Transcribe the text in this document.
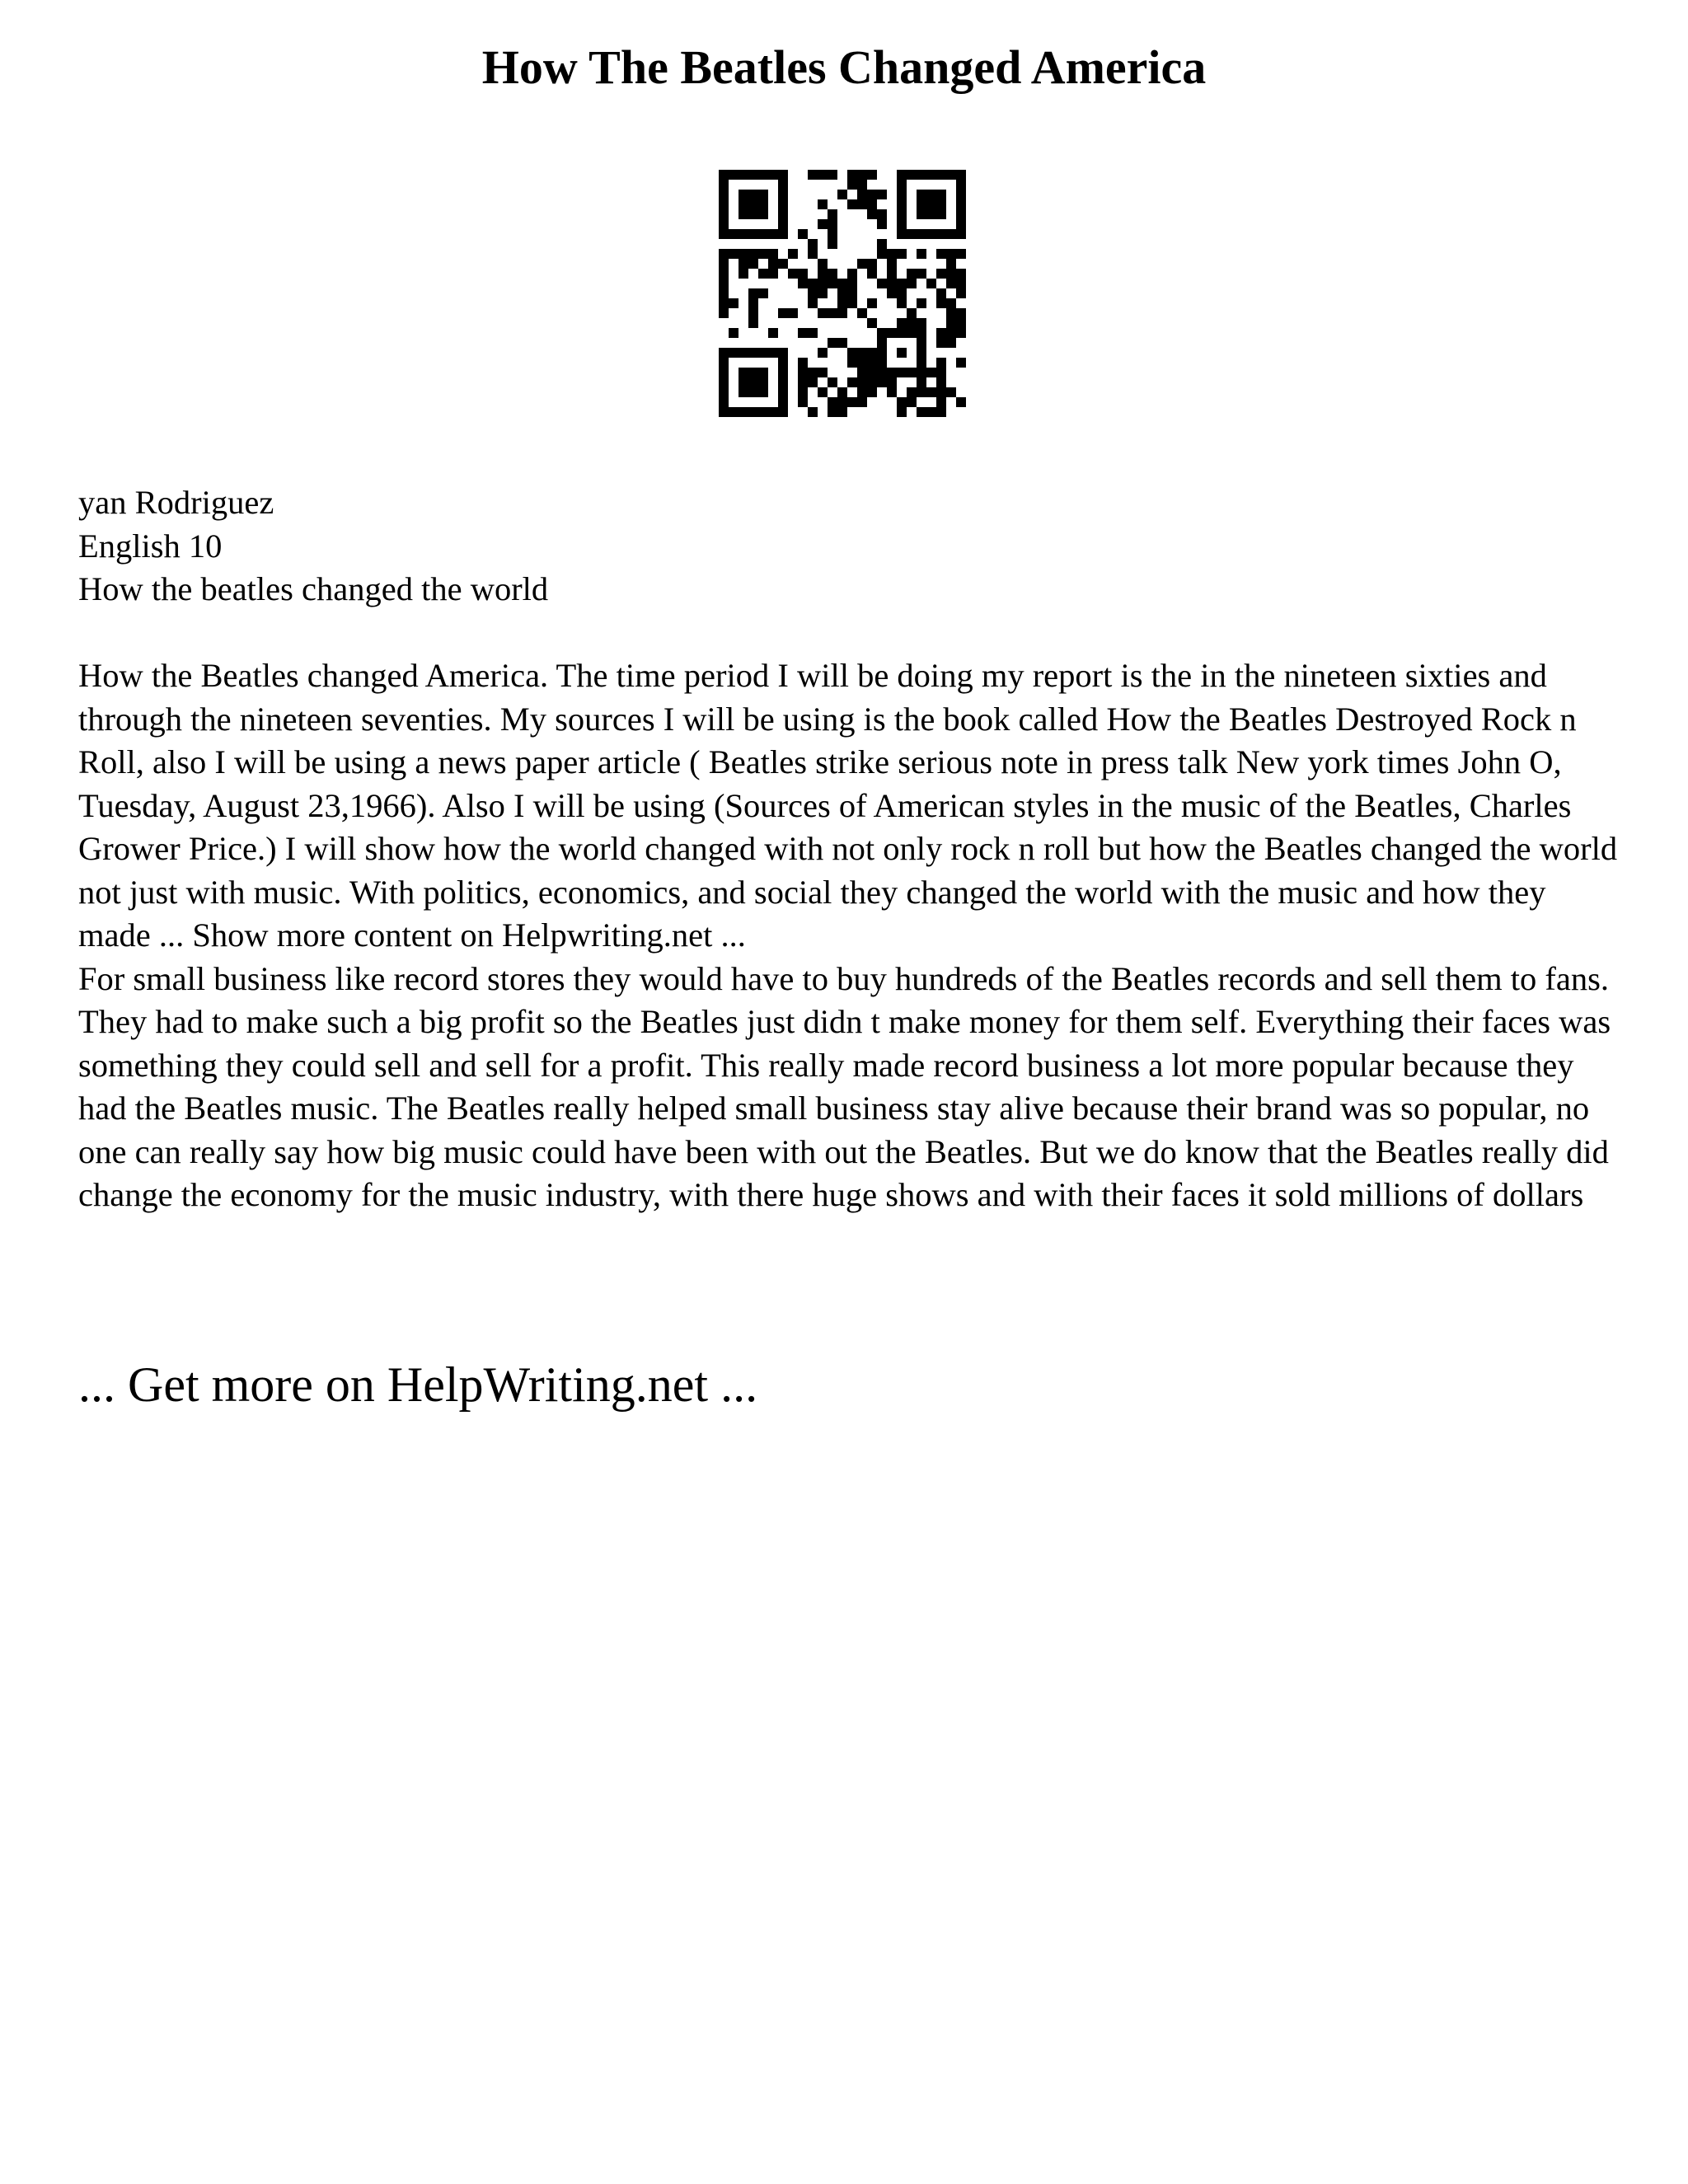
How The Beatles Changed America
yan Rodriguez
English 10
How the beatles changed the world

How the Beatles changed America. The time period I will be doing my report is the in the nineteen sixties and through the nineteen seventies. My sources I will be using is the book called How the Beatles Destroyed Rock n Roll, also I will be using a news paper article ( Beatles strike serious note in press talk New york times John O, Tuesday, August 23,1966). Also I will be using (Sources of American styles in the music of the Beatles, Charles Grower Price.) I will show how the world changed with not only rock n roll but how the Beatles changed the world not just with music. With politics, economics, and social they changed the world with the music and how they made ... Show more content on Helpwriting.net ...

For small business like record stores they would have to buy hundreds of the Beatles records and sell them to fans. They had to make such a big profit so the Beatles just didn t make money for them self. Everything their faces was something they could sell and sell for a profit. This really made record business a lot more popular because they had the Beatles music. The Beatles really helped small business stay alive because their brand was so popular, no one can really say how big music could have been with out the Beatles. But we do know that the Beatles really did change the economy for the music industry, with there huge shows and with their faces it sold millions of dollars

... Get more on HelpWriting.net ...
